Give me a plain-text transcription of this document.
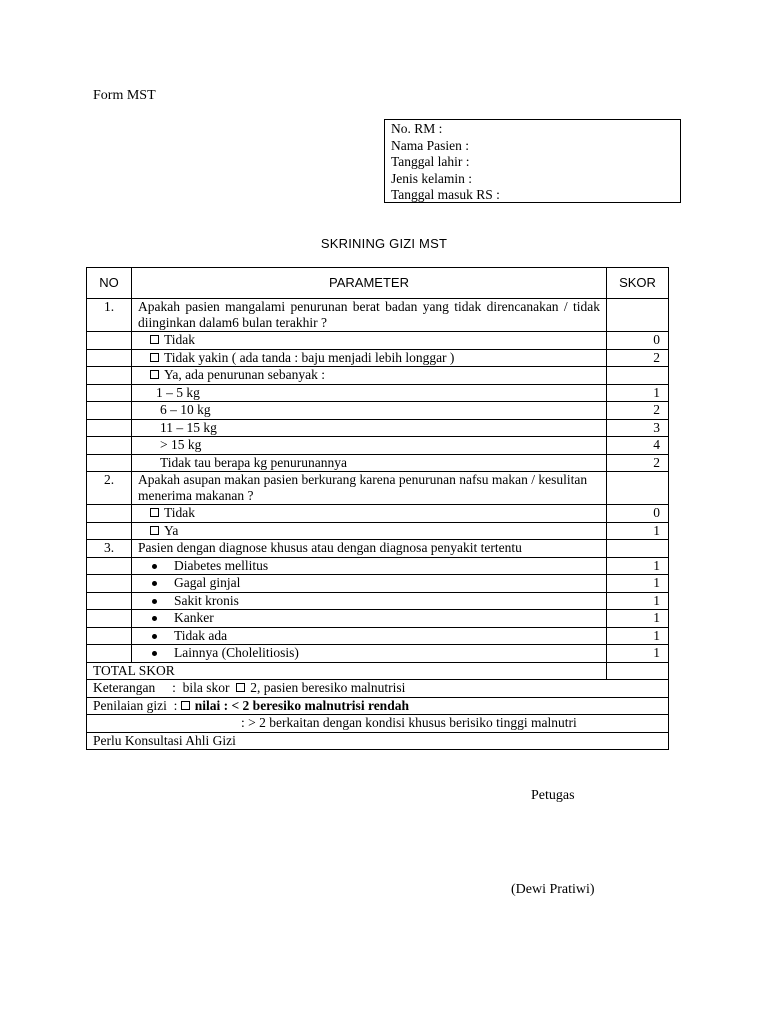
Form MST
No. RM :
Nama Pasien :
Tanggal lahir :
Jenis kelamin :
Tanggal masuk RS :
SKRINING GIZI MST
NO	PARAMETER	SKOR
1.	Apakah pasien mangalami penurunan berat badan yang tidak direncanakan / tidak diinginkan dalam6 bulan terakhir ?	
	Tidak	0
	Tidak yakin ( ada tanda : baju menjadi lebih longgar )	2
	Ya, ada penurunan sebanyak :	
	1 – 5 kg	1
	6 – 10 kg	2
	11 – 15 kg	3
	> 15 kg	4
	Tidak tau berapa kg penurunannya	2
2.	Apakah asupan makan pasien berkurang karena penurunan nafsu makan / kesulitan menerima makanan ?	
	Tidak	0
	Ya	1
3.	Pasien dengan diagnose khusus atau dengan diagnosa penyakit tertentu	
	Diabetes mellitus	1
	Gagal ginjal	1
	Sakit kronis	1
	Kanker	1
	Tidak ada	1
	Lainnya (Cholelitiosis)	1
TOTAL SKOR		
Keterangan     :  bila skor 2, pasien beresiko malnutrisi		
Penilaian gizi  : nilai : < 2 beresiko malnutrisi rendah		
: > 2 berkaitan dengan kondisi khusus berisiko tinggi malnutri		
Perlu Konsultasi Ahli Gizi		
Petugas
(Dewi Pratiwi)
